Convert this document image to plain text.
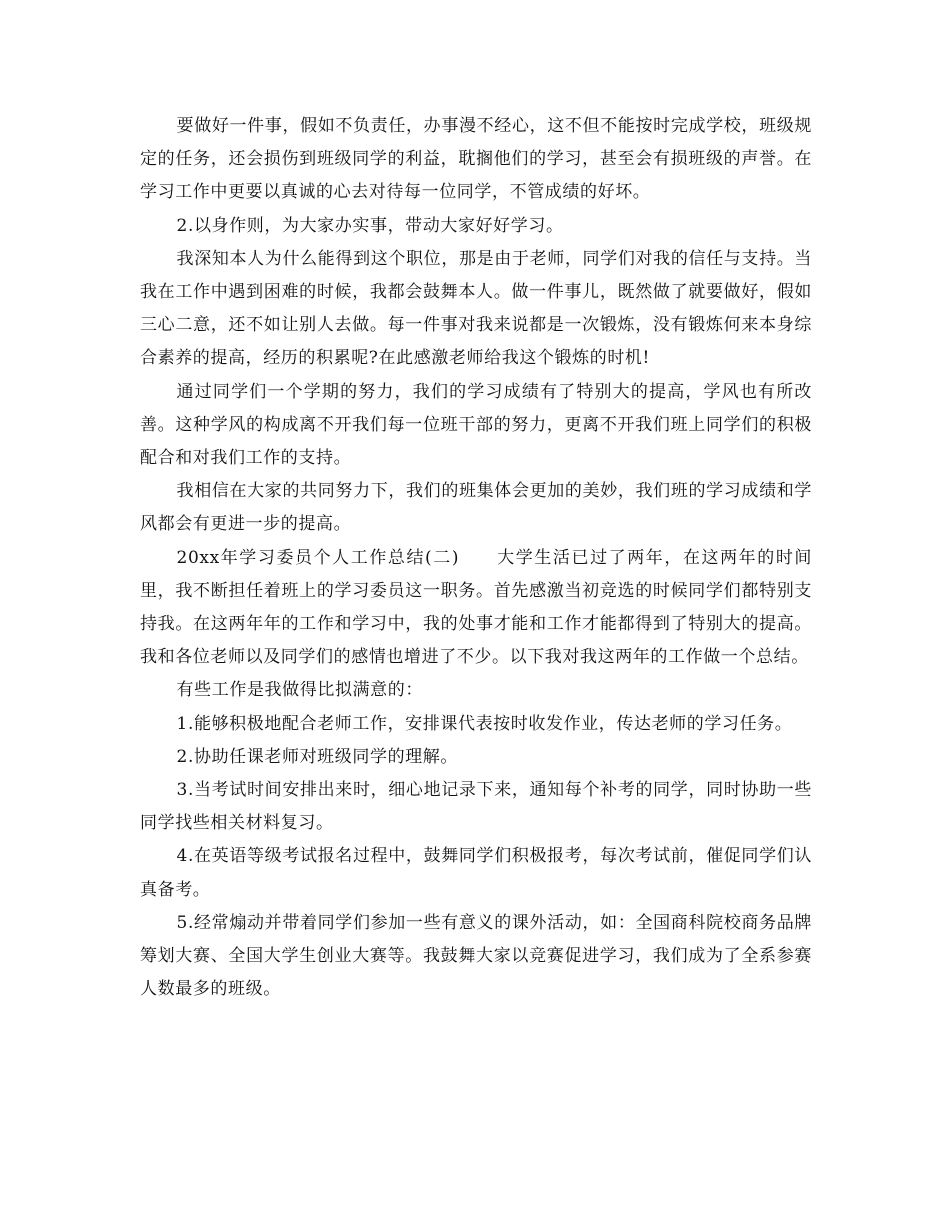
要做好一件事，假如不负责任，办事漫不经心，这不但不能按时完成学校，班级规定的任务，还会损伤到班级同学的利益，耽搁他们的学习，甚至会有损班级的声誉。在学习工作中更要以真诚的心去对待每一位同学，不管成绩的好坏。

2.以身作则，为大家办实事，带动大家好好学习。

我深知本人为什么能得到这个职位，那是由于老师，同学们对我的信任与支持。当我在工作中遇到困难的时候，我都会鼓舞本人。做一件事儿，既然做了就要做好，假如三心二意，还不如让别人去做。每一件事对我来说都是一次锻炼，没有锻炼何来本身综合素养的提高，经历的积累呢?在此感激老师给我这个锻炼的时机!

通过同学们一个学期的努力，我们的学习成绩有了特别大的提高，学风也有所改善。这种学风的构成离不开我们每一位班干部的努力，更离不开我们班上同学们的积极配合和对我们工作的支持。

我相信在大家的共同努力下，我们的班集体会更加的美妙，我们班的学习成绩和学风都会有更进一步的提高。

20xx年学习委员个人工作总结(二)　　大学生活已过了两年，在这两年的时间里，我不断担任着班上的学习委员这一职务。首先感激当初竞选的时候同学们都特别支持我。在这两年年的工作和学习中，我的处事才能和工作才能都得到了特别大的提高。我和各位老师以及同学们的感情也增进了不少。以下我对我这两年的工作做一个总结。

有些工作是我做得比拟满意的：

1.能够积极地配合老师工作，安排课代表按时收发作业，传达老师的学习任务。

2.协助任课老师对班级同学的理解。

3.当考试时间安排出来时，细心地记录下来，通知每个补考的同学，同时协助一些同学找些相关材料复习。

4.在英语等级考试报名过程中，鼓舞同学们积极报考，每次考试前，催促同学们认真备考。

5.经常煽动并带着同学们参加一些有意义的课外活动，如：全国商科院校商务品牌筹划大赛、全国大学生创业大赛等。我鼓舞大家以竞赛促进学习，我们成为了全系参赛人数最多的班级。
